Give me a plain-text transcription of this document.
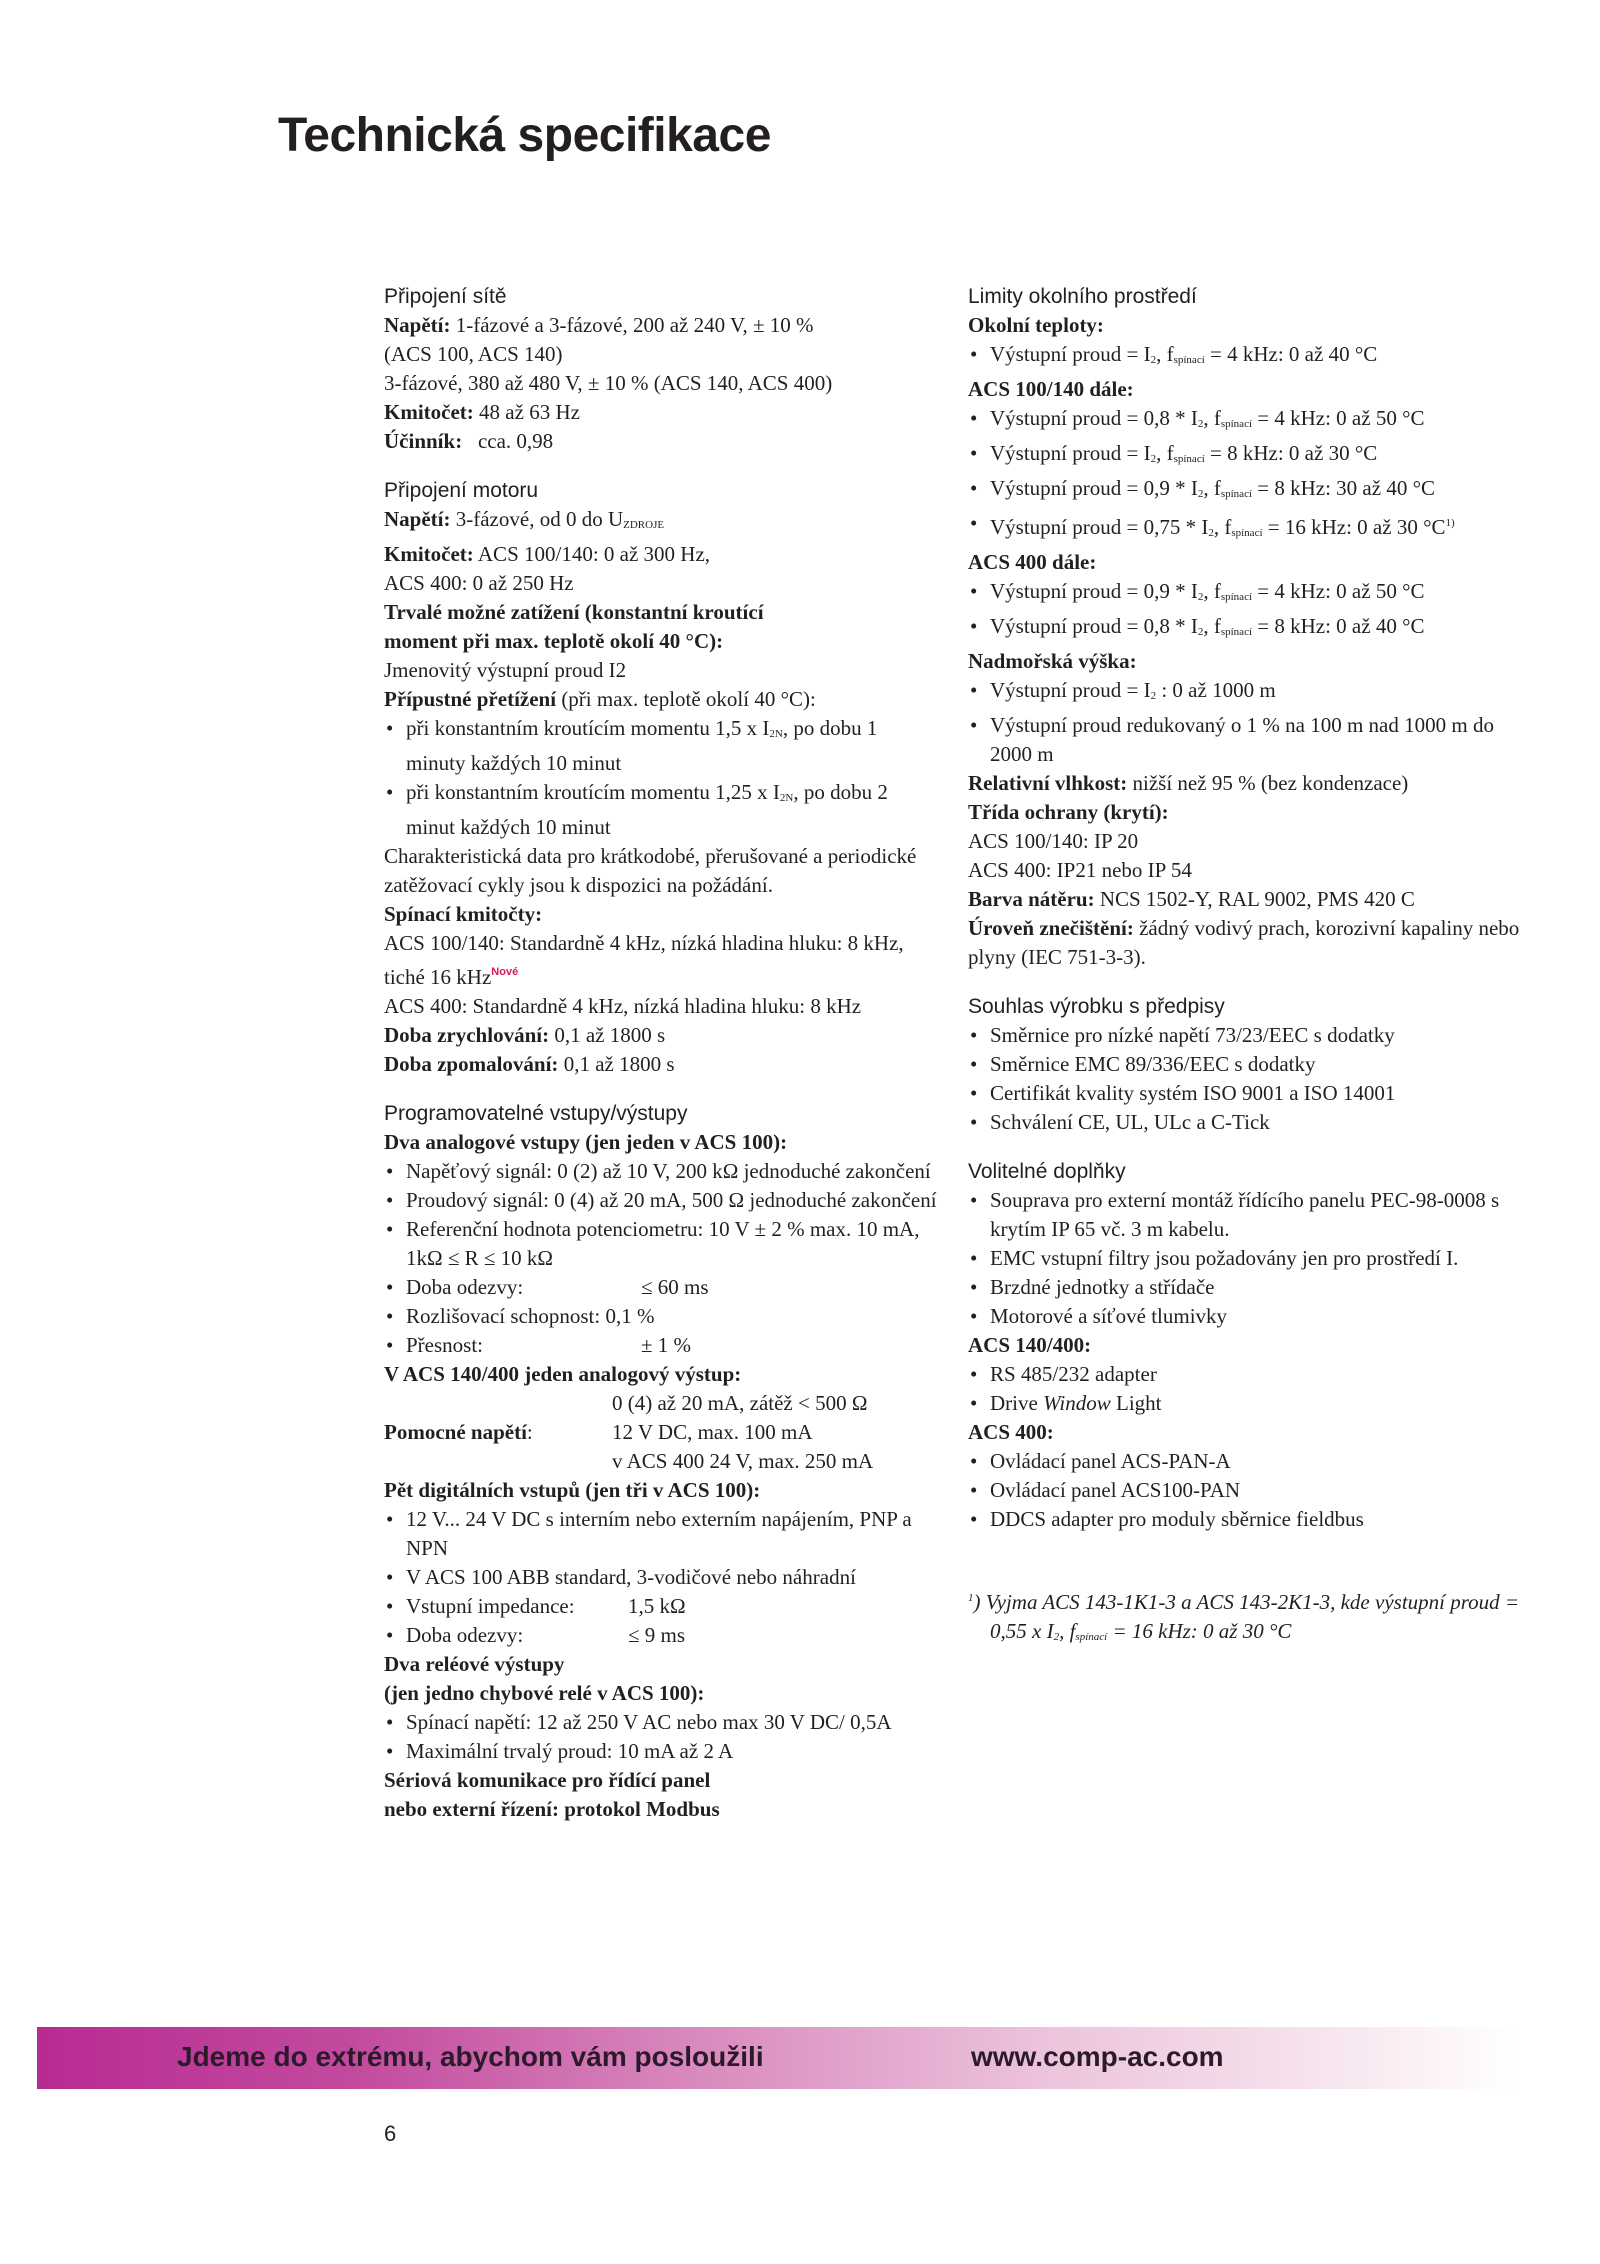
Technická specifikace

Připojení sítě

Napětí: 1-fázové a 3-fázové, 200 až 240 V, ± 10 %

(ACS 100, ACS 140)

3-fázové, 380 až 480 V, ± 10 % (ACS 140, ACS 400)

Kmitočet: 48 až 63 Hz

Účinník: cca. 0,98

Připojení motoru

Napětí: 3-fázové, od 0 do $U_{ZDROJE}$

Kmitočet: ACS 100/140: 0 až 300 Hz,

ACS 400: 0 až 250 Hz

Trvalé možné zatížení (konstantní kroutící

moment při max. teplotě okolí 40 °C):

Jmenovitý výstupní proud I2

Přípustné přetížení (při max. teplotě okolí 40 °C):

• při konstantním kroutícím momentu 1,5 x $I_{2N}$, po dobu 1 minuty každých 10 minut
• při konstantním kroutícím momentu 1,25 x $I_{2N}$, po dobu 2 minut každých 10 minut

Charakteristická data pro krátkodobé, přerušované a periodické zatěžovací cykly jsou k dispozici na požádání.

Spínací kmitočty:

ACS 100/140: Standardně 4 kHz, nízká hladina hluku: 8 kHz, tiché 16 kHz$^{Nové}$

ACS 400: Standardně 4 kHz, nízká hladina hluku: 8 kHz

Doba zrychlování: 0,1 až 1800 s

Doba zpomalování: 0,1 až 1800 s

Programovatelné vstupy/výstupy

Dva analogové vstupy (jen jeden v ACS 100):

• Napěťový signál: 0 (2) až 10 V, 200 kΩ jednoduché zakončení
• Proudový signál: 0 (4) až 20 mA, 500 Ω jednoduché zakončení
• Referenční hodnota potenciometru: 10 V ± 2 % max. 10 mA, 1kΩ ≤ R ≤ 10 kΩ
• Doba odezvy:	≤ 60 ms
• Rozlišovací schopnost: 0,1 %
• Přesnost:	± 1 %

V ACS 140/400 jeden analogový výstup:

0 (4) až 20 mA, zátěž < 500 Ω

Pomocné napětí:	12 V DC, max. 100 mA

v ACS 400 24 V, max. 250 mA

Pět digitálních vstupů (jen tři v ACS 100):

• 12 V... 24 V DC s interním nebo externím napájením, PNP a NPN
• V ACS 100 ABB standard, 3-vodičové nebo náhradní
• Vstupní impedance:	1,5 kΩ
• Doba odezvy:	≤ 9 ms

Dva reléové výstupy

(jen jedno chybové relé v ACS 100):

• Spínací napětí: 12 až 250 V AC nebo max 30 V DC/ 0,5A
• Maximální trvalý proud: 10 mA až 2 A

Sériová komunikace pro řídící panel

nebo externí řízení: protokol Modbus

Limity okolního prostředí

Okolní teploty:

• Výstupní proud = $I_2$, $f_{spínací} = 4$ kHz: 0 až 40 °C

ACS 100/140 dále:

• Výstupní proud = $0,8 * I_2$, $f_{spínací} = 4$ kHz: 0 až 50 °C
• Výstupní proud = $I_2$, $f_{spínací} = 8$ kHz: 0 až 30 °C
• Výstupní proud = $0,9 * I_2$, $f_{spínací} = 8$ kHz: 30 až 40 °C
• Výstupní proud = $0,75 * I_2$, $f_{spínací} = 16$ kHz: 0 až 30 $^\circ C^{1)}$

ACS 400 dále:

• Výstupní proud = $0,9 * I_2$, $f_{spínací} = 4$ kHz: 0 až 50 °C
• Výstupní proud = $0,8 * I_2$, $f_{spínací} = 8$ kHz: 0 až 40 °C

Nadmořská výška:

• Výstupní proud = $I_2$ : 0 až 1000 m
• Výstupní proud redukovaný o 1 % na 100 m nad 1000 m do 2000 m

Relativní vlhkost: nižší než 95 % (bez kondenzace)

Třída ochrany (krytí):

ACS 100/140: IP 20

ACS 400: IP21 nebo IP 54

Barva nátěru: NCS 1502-Y, RAL 9002, PMS 420 C

Úroveň znečištění: žádný vodivý prach, korozivní kapaliny nebo plyny (IEC 751-3-3).

Souhlas výrobku s předpisy

• Směrnice pro nízké napětí 73/23/EEC s dodatky
• Směrnice EMC 89/336/EEC s dodatky
• Certifikát kvality systém ISO 9001 a ISO 14001
• Schválení CE, UL, ULc a C-Tick

Volitelné doplňky

• Souprava pro externí montáž řídícího panelu PEC-98-0008 s krytím IP 65 vč. 3 m kabelu.
• EMC vstupní filtry jsou požadovány jen pro prostředí I.
• Brzdné jednotky a střídače
• Motorové a síťové tlumivky

ACS 140/400:

• RS 485/232 adapter
• Drive Window Light

ACS 400:

• Ovládací panel ACS-PAN-A
• Ovládací panel ACS100-PAN
• DDCS adapter pro moduly sběrnice fieldbus

$^1$) Vyjma ACS 143-1K1-3 a ACS 143-2K1-3, kde výstupní proud = 0,55 x $I_2$, $f_{spínací} = 16$ kHz: 0 až 30 °C

Jdeme do extrému, abychom vám posloužili	www.comp-ac.com

6
